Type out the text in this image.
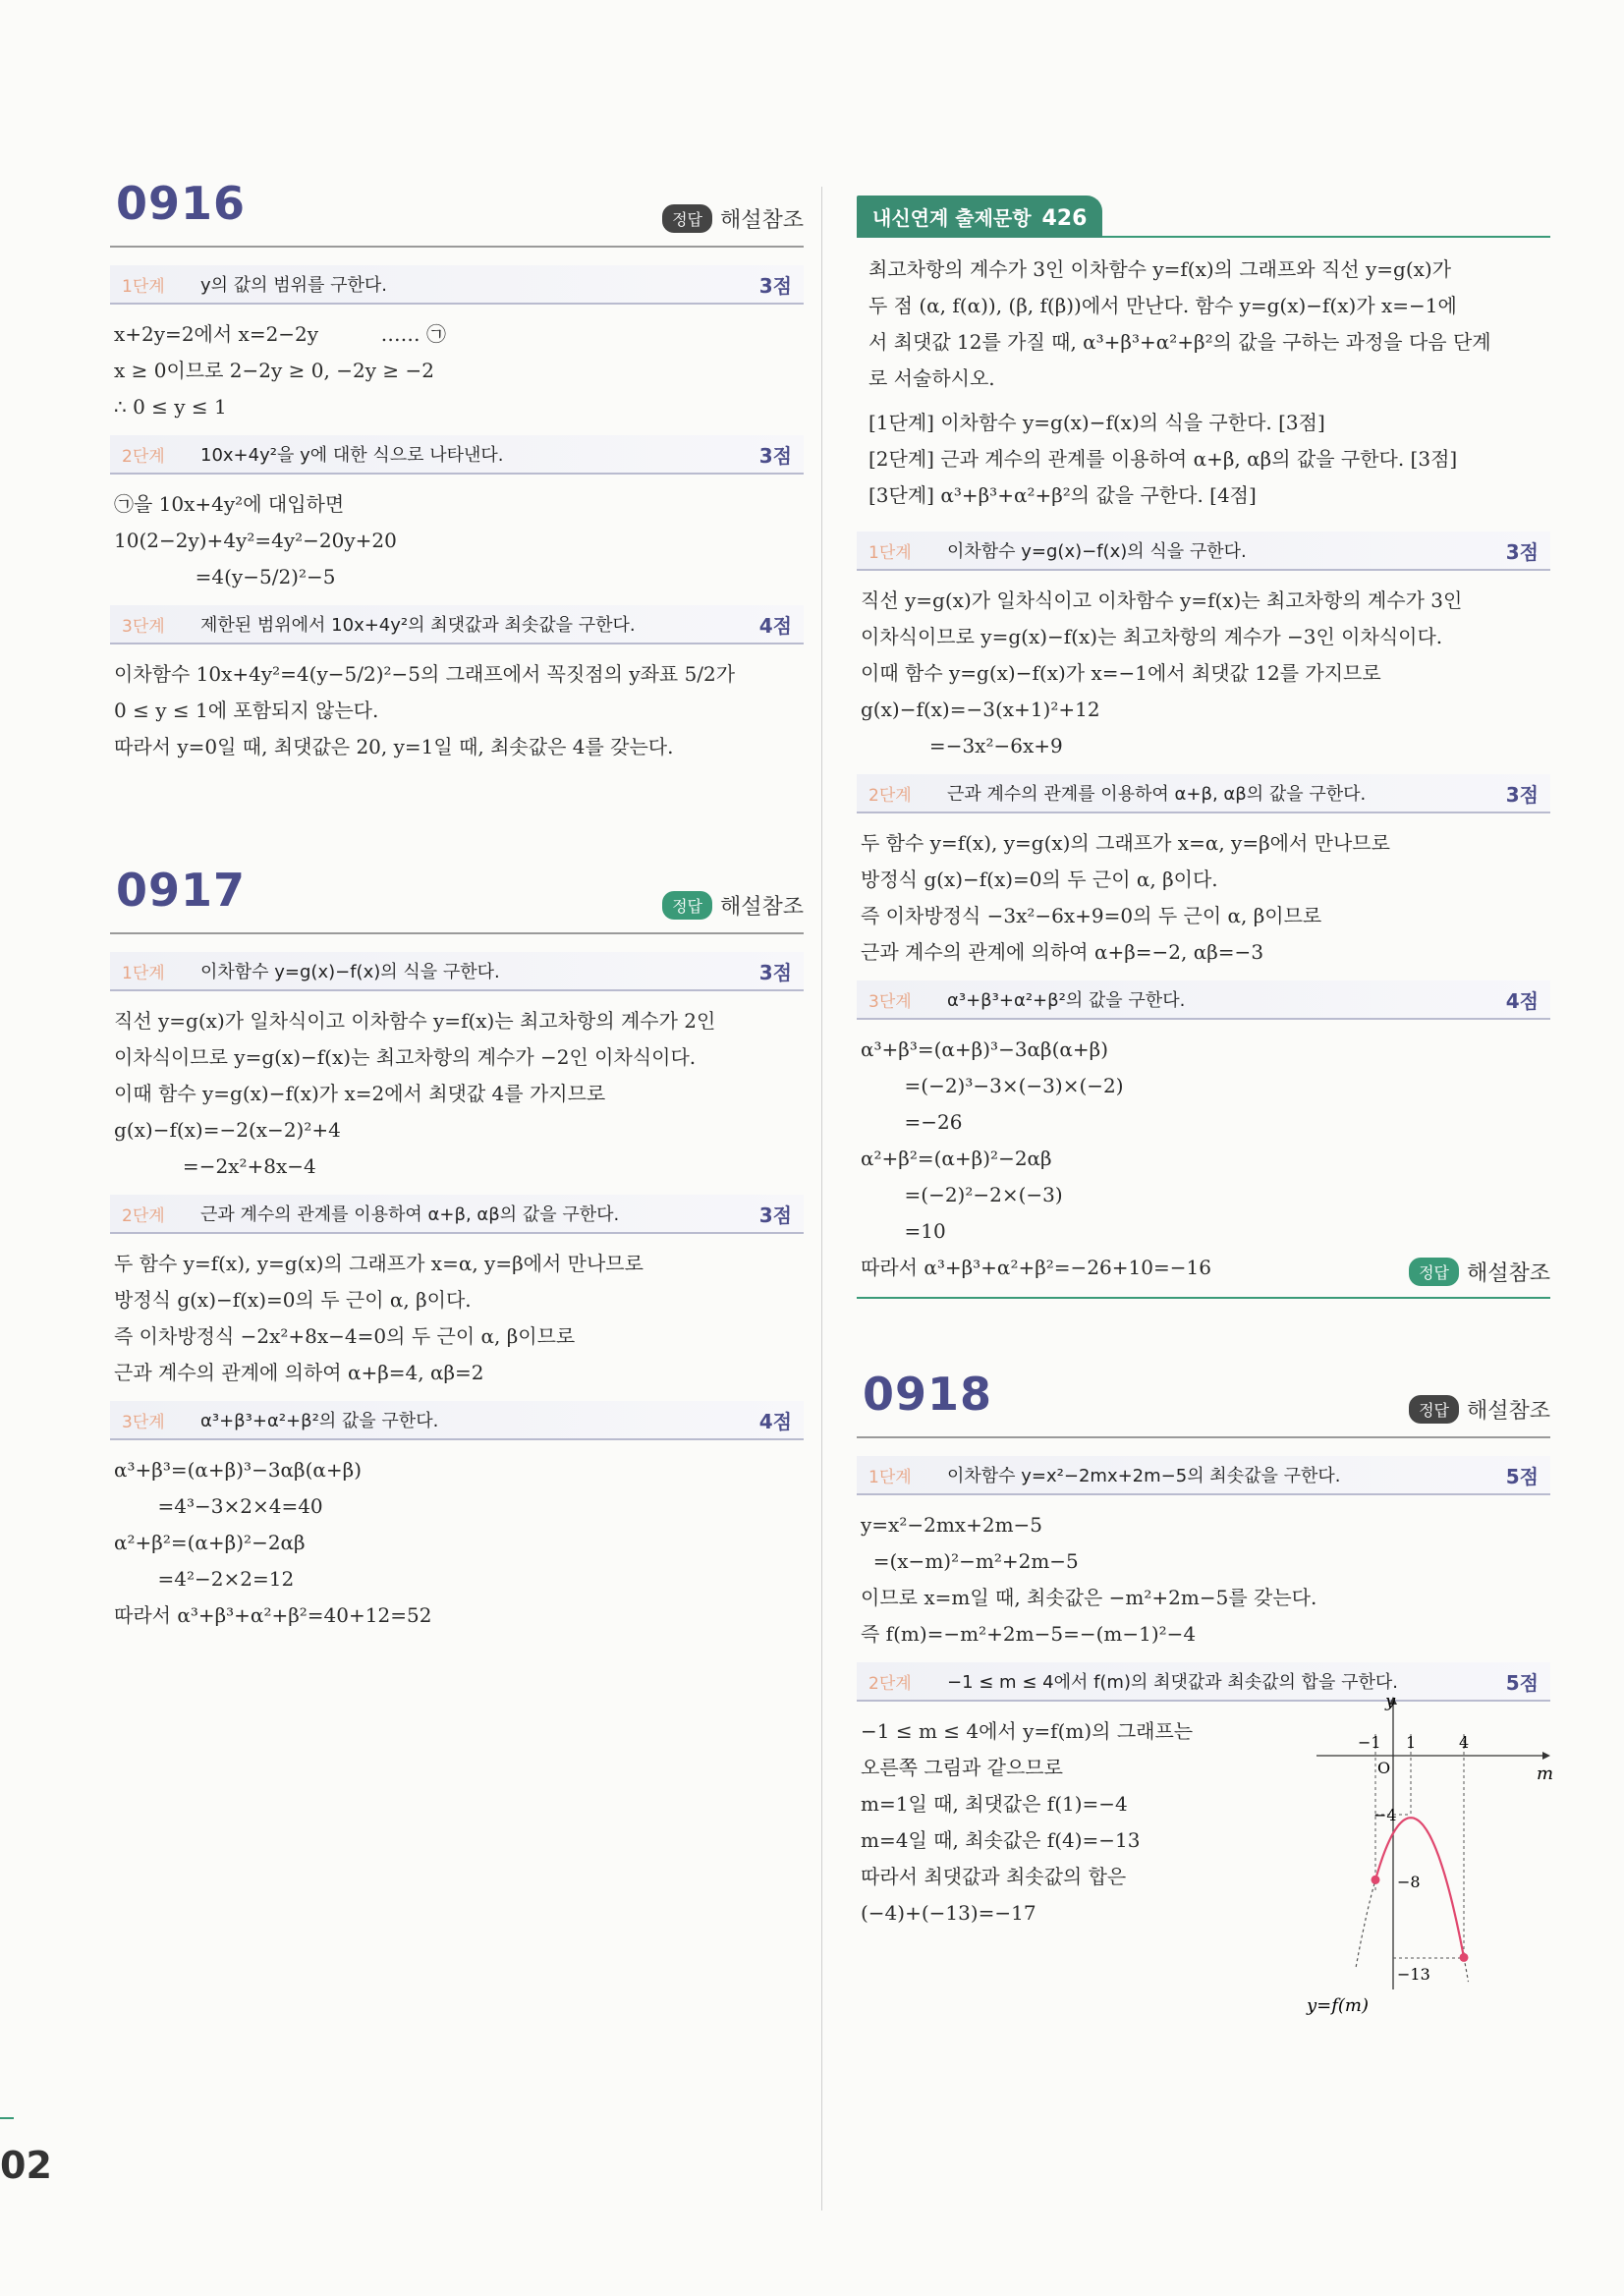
02
0916	정답 해설참조
1단계	y의 값의 범위를 구한다.	3점
x+2y=2에서 x=2−2y          …… ㉠
x ≥ 0이므로 2−2y ≥ 0, −2y ≥ −2
∴ 0 ≤ y ≤ 1
2단계	10x+4y²을 y에 대한 식으로 나타낸다.	3점
㉠을 10x+4y²에 대입하면
10(2−2y)+4y²=4y²−20y+20
=4(y−5/2)²−5
3단계	제한된 범위에서 10x+4y²의 최댓값과 최솟값을 구한다.	4점
이차함수 10x+4y²=4(y−5/2)²−5의 그래프에서 꼭짓점의 y좌표 5/2가
0 ≤ y ≤ 1에 포함되지 않는다.
따라서 y=0일 때, 최댓값은 20, y=1일 때, 최솟값은 4를 갖는다.
0917	정답 해설참조
1단계	이차함수 y=g(x)−f(x)의 식을 구한다.	3점
직선 y=g(x)가 일차식이고 이차함수 y=f(x)는 최고차항의 계수가 2인
이차식이므로 y=g(x)−f(x)는 최고차항의 계수가 −2인 이차식이다.
이때 함수 y=g(x)−f(x)가 x=2에서 최댓값 4를 가지므로
g(x)−f(x)=−2(x−2)²+4
=−2x²+8x−4
2단계	근과 계수의 관계를 이용하여 α+β, αβ의 값을 구한다.	3점
두 함수 y=f(x), y=g(x)의 그래프가 x=α, y=β에서 만나므로
방정식 g(x)−f(x)=0의 두 근이 α, β이다.
즉 이차방정식 −2x²+8x−4=0의 두 근이 α, β이므로
근과 계수의 관계에 의하여 α+β=4, αβ=2
3단계	α³+β³+α²+β²의 값을 구한다.	4점
α³+β³=(α+β)³−3αβ(α+β)
=4³−3×2×4=40
α²+β²=(α+β)²−2αβ
=4²−2×2=12
따라서 α³+β³+α²+β²=40+12=52
내신연계 출제문항 426
최고차항의 계수가 3인 이차함수 y=f(x)의 그래프와 직선 y=g(x)가
두 점 (α, f(α)), (β, f(β))에서 만난다. 함수 y=g(x)−f(x)가 x=−1에
서 최댓값 12를 가질 때, α³+β³+α²+β²의 값을 구하는 과정을 다음 단계
로 서술하시오.
[1단계] 이차함수 y=g(x)−f(x)의 식을 구한다. [3점]
[2단계] 근과 계수의 관계를 이용하여 α+β, αβ의 값을 구한다. [3점]
[3단계] α³+β³+α²+β²의 값을 구한다. [4점]
1단계	이차함수 y=g(x)−f(x)의 식을 구한다.	3점
직선 y=g(x)가 일차식이고 이차함수 y=f(x)는 최고차항의 계수가 3인
이차식이므로 y=g(x)−f(x)는 최고차항의 계수가 −3인 이차식이다.
이때 함수 y=g(x)−f(x)가 x=−1에서 최댓값 12를 가지므로
g(x)−f(x)=−3(x+1)²+12
=−3x²−6x+9
2단계	근과 계수의 관계를 이용하여 α+β, αβ의 값을 구한다.	3점
두 함수 y=f(x), y=g(x)의 그래프가 x=α, y=β에서 만나므로
방정식 g(x)−f(x)=0의 두 근이 α, β이다.
즉 이차방정식 −3x²−6x+9=0의 두 근이 α, β이므로
근과 계수의 관계에 의하여 α+β=−2, αβ=−3
3단계	α³+β³+α²+β²의 값을 구한다.	4점
α³+β³=(α+β)³−3αβ(α+β)
=(−2)³−3×(−3)×(−2)
=−26
α²+β²=(α+β)²−2αβ
=(−2)²−2×(−3)
=10
따라서 α³+β³+α²+β²=−26+10=−16	정답 해설참조
0918	정답 해설참조
1단계	이차함수 y=x²−2mx+2m−5의 최솟값을 구한다.	5점
y=x²−2mx+2m−5
=(x−m)²−m²+2m−5
이므로 x=m일 때, 최솟값은 −m²+2m−5를 갖는다.
즉 f(m)=−m²+2m−5=−(m−1)²−4
2단계	−1 ≤ m ≤ 4에서 f(m)의 최댓값과 최솟값의 합을 구한다.	5점
−1 ≤ m ≤ 4에서 y=f(m)의 그래프는
오른쪽 그림과 같으므로
m=1일 때, 최댓값은 f(1)=−4
m=4일 때, 최솟값은 f(4)=−13
따라서 최댓값과 최솟값의 합은
(−4)+(−13)=−17
y
m
O
−1 1	4
−4
−8
−13
y=f(m)
